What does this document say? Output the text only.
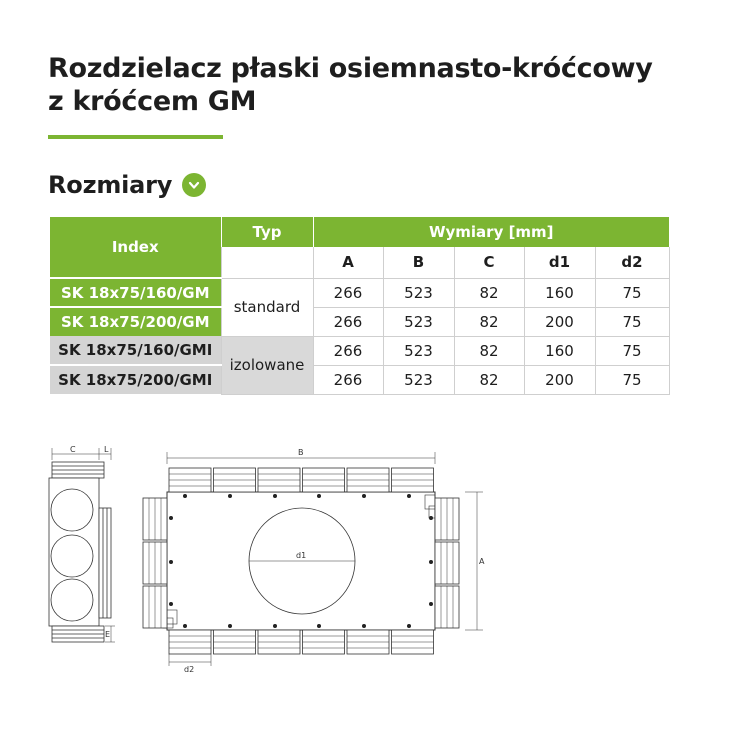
Rozdzielacz płaski osiemnasto-króćcowy
z króćcem GM
Rozmiary
Index	Typ	Wymiary [mm]				
		A	B	C	d1	d2
SK 18x75/160/GM	standard	266	523	82	160	75
SK 18x75/200/GM		266	523	82	200	75
SK 18x75/160/GMI	izolowane	266	523	82	160	75
SK 18x75/200/GMI		266	523	82	200	75
C	L
E
B
A
d1
d2
